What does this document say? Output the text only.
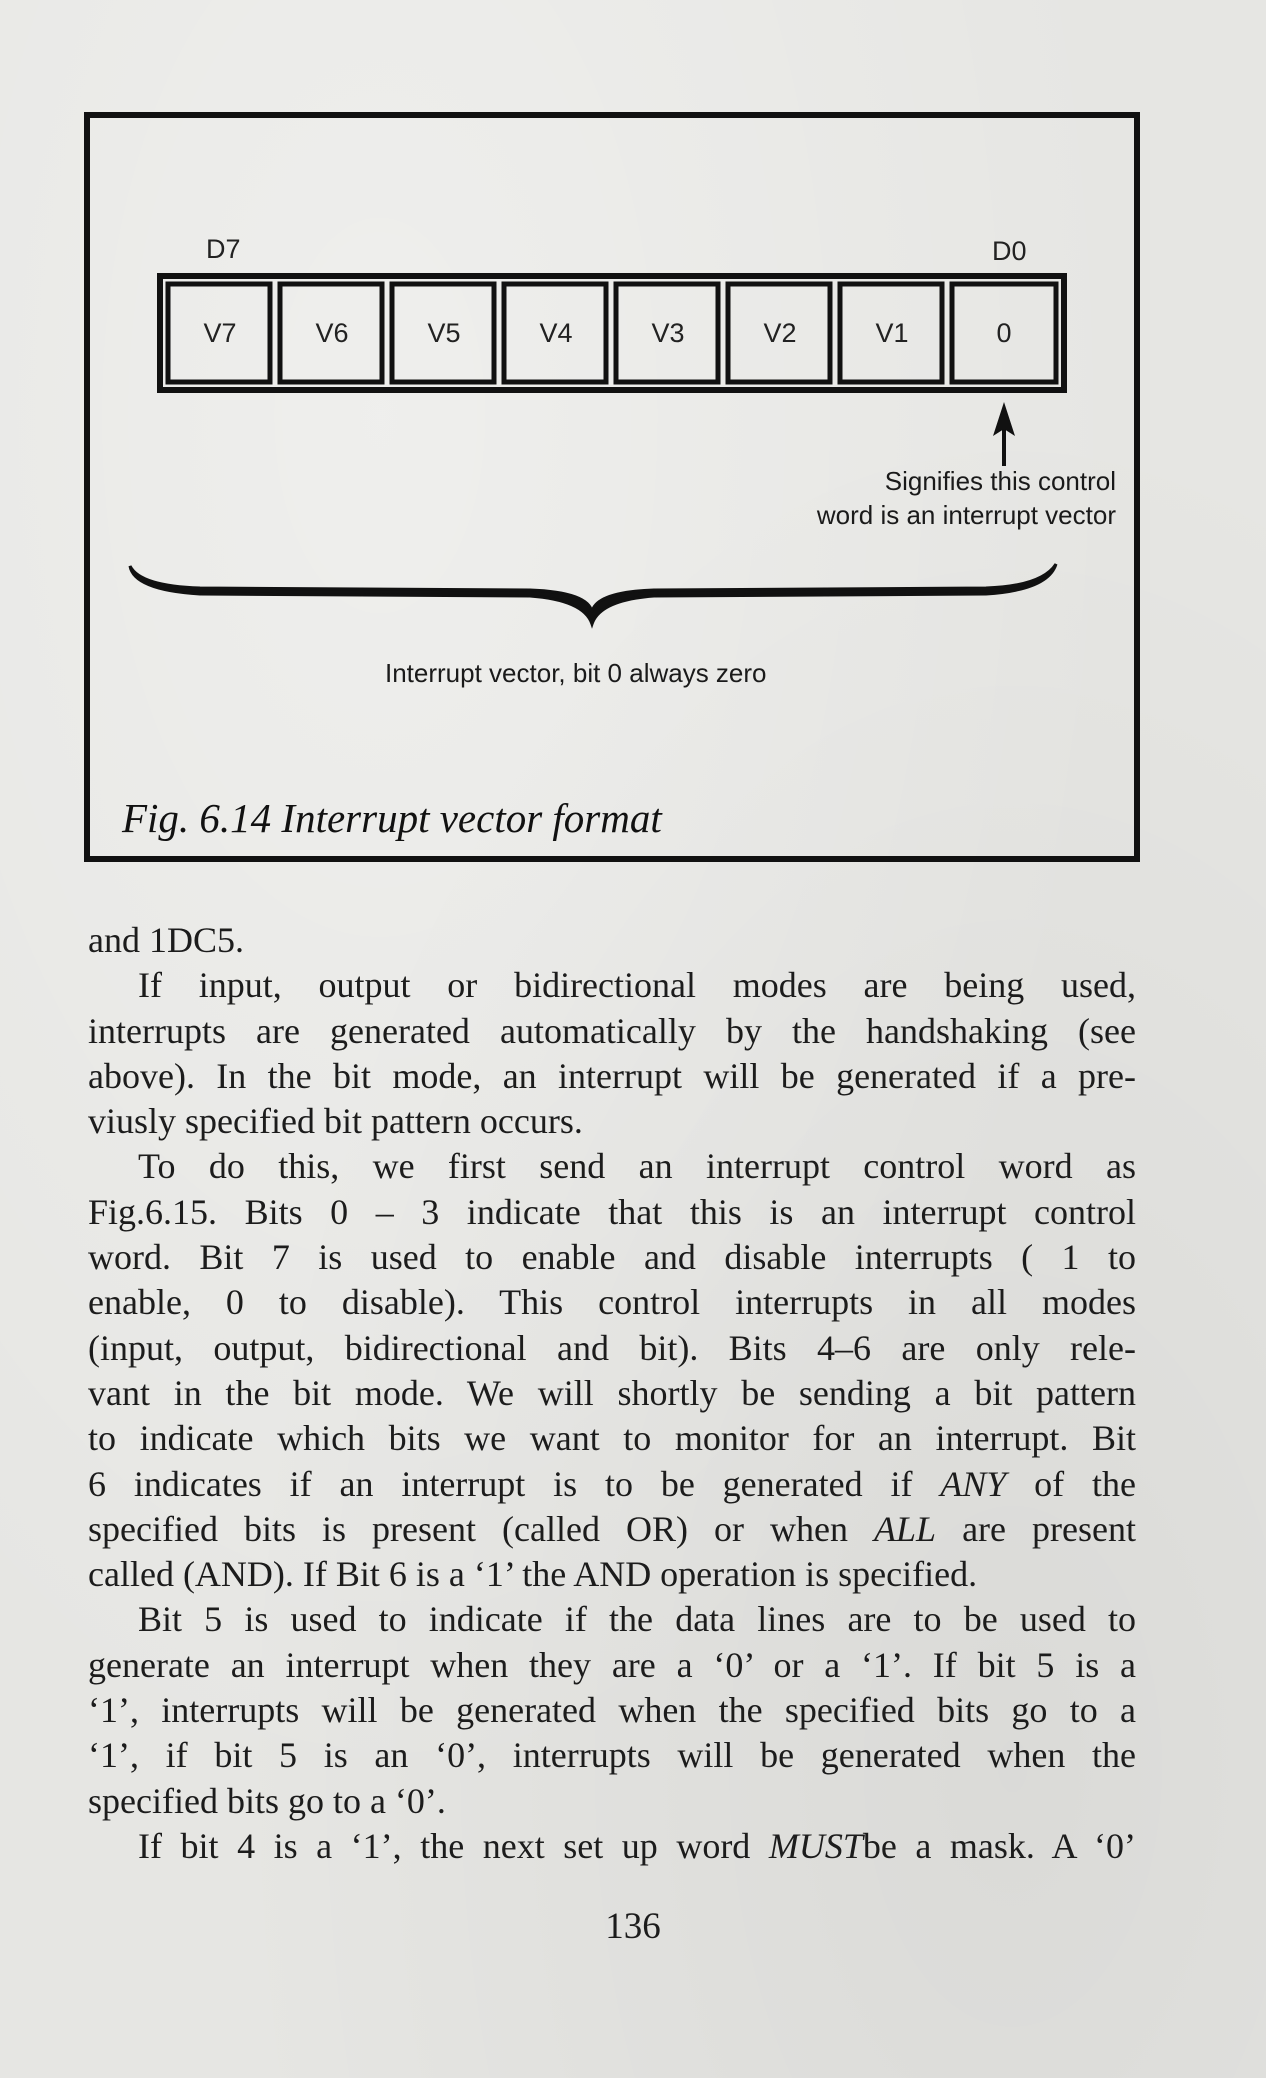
D7	D0
V7	V6	V5	V4	V3	V2	V1	0
Signifies this control
word is an interrupt vector
Interrupt vector, bit 0 always zero
Fig. 6.14 Interrupt vector format

and 1DC5.

If input, output or bidirectional modes are being used,
interrupts are generated automatically by the handshaking (see
above). In the bit mode, an interrupt will be generated if a pre-
viusly specified bit pattern occurs.

To do this, we first send an interrupt control word as
Fig.6.15. Bits 0 – 3 indicate that this is an interrupt control
word. Bit 7 is used to enable and disable interrupts ( 1 to
enable, 0 to disable). This control interrupts in all modes
(input, output, bidirectional and bit). Bits 4–6 are only rele-
vant in the bit mode. We will shortly be sending a bit pattern
to indicate which bits we want to monitor for an interrupt. Bit
6 indicates if an interrupt is to be generated if ANY of the
specified bits is present (called OR) or when ALL are present
called (AND). If Bit 6 is a ‘1’ the AND operation is specified.

Bit 5 is used to indicate if the data lines are to be used to
generate an interrupt when they are a ‘0’ or a ‘1’. If bit 5 is a
‘1’, interrupts will be generated when the specified bits go to a
‘1’, if bit 5 is an ‘0’, interrupts will be generated when the
specified bits go to a ‘0’.

If bit 4 is a ‘1’, the next set up word MUSTbe a mask. A ‘0’

136
